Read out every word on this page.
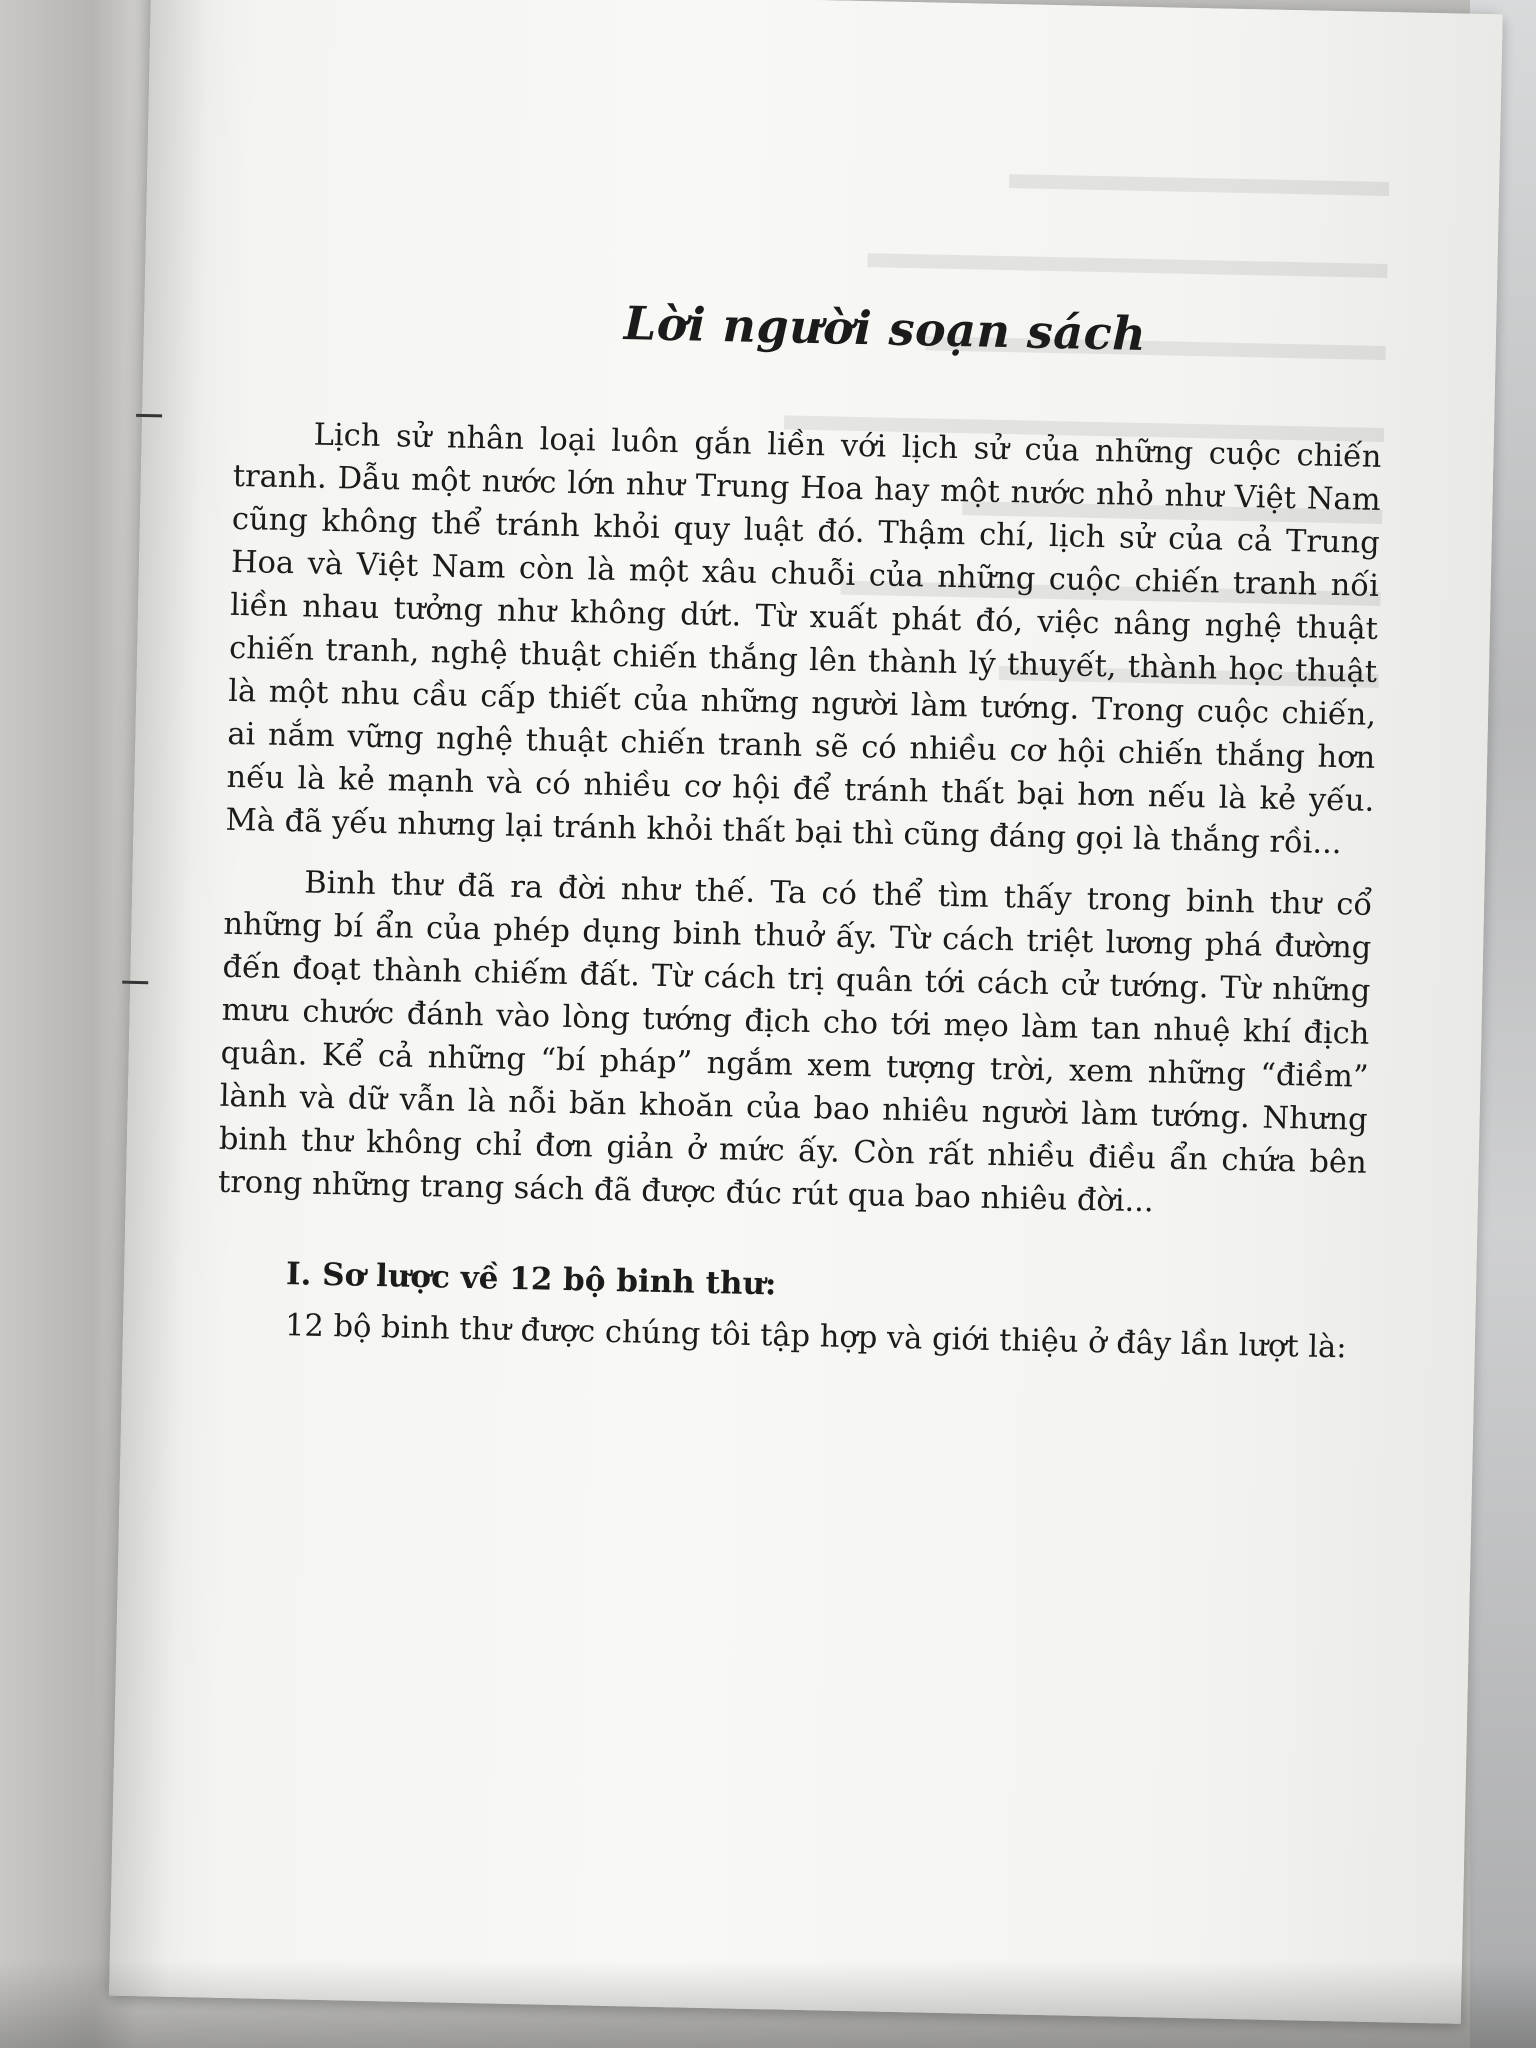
Lời người soạn sách

Lịch sử nhân loại luôn gắn liền với lịch sử của những cuộc chiến tranh. Dẫu một nước lớn như Trung Hoa hay một nước nhỏ như Việt Nam cũng không thể tránh khỏi quy luật đó. Thậm chí, lịch sử của cả Trung Hoa và Việt Nam còn là một xâu chuỗi của những cuộc chiến tranh nối liền nhau tưởng như không dứt. Từ xuất phát đó, việc nâng nghệ thuật chiến tranh, nghệ thuật chiến thắng lên thành lý thuyết, thành học thuật là một nhu cầu cấp thiết của những người làm tướng. Trong cuộc chiến, ai nắm vững nghệ thuật chiến tranh sẽ có nhiều cơ hội chiến thắng hơn nếu là kẻ mạnh và có nhiều cơ hội để tránh thất bại hơn nếu là kẻ yếu. Mà đã yếu nhưng lại tránh khỏi thất bại thì cũng đáng gọi là thắng rồi...

Binh thư đã ra đời như thế. Ta có thể tìm thấy trong binh thư cổ những bí ẩn của phép dụng binh thuở ấy. Từ cách triệt lương phá đường đến đoạt thành chiếm đất. Từ cách trị quân tới cách cử tướng. Từ những mưu chước đánh vào lòng tướng địch cho tới mẹo làm tan nhuệ khí địch quân. Kể cả những “bí pháp” ngắm xem tượng trời, xem những “điềm” lành và dữ vẫn là nỗi băn khoăn của bao nhiêu người làm tướng. Nhưng binh thư không chỉ đơn giản ở mức ấy. Còn rất nhiều điều ẩn chứa bên trong những trang sách đã được đúc rút qua bao nhiêu đời...

I. Sơ lược về 12 bộ binh thư:

12 bộ binh thư được chúng tôi tập hợp và giới thiệu ở đây lần lượt là:
